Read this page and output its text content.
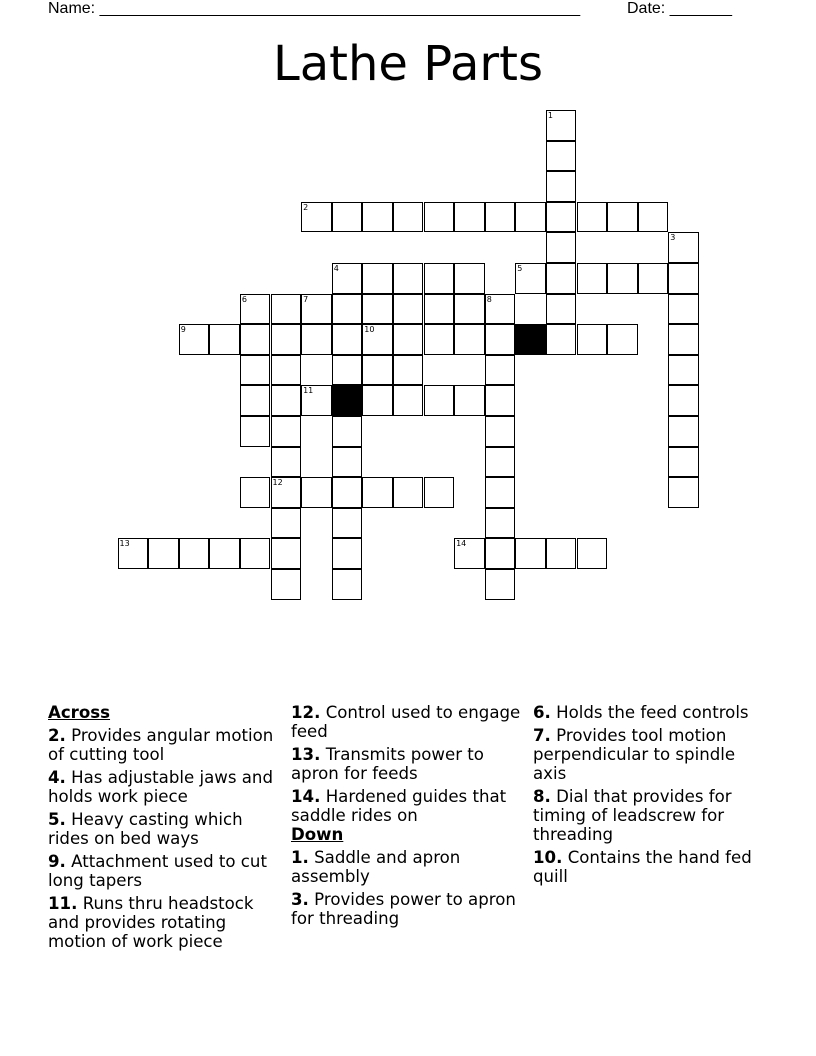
Name: ______________________________________________________	Date: _______
Lathe Parts
1
2
3
4	5
6	7	8
9	10
11
12
13	14
Across
2. Provides angular motion of cutting tool
4. Has adjustable jaws and holds work piece
5. Heavy casting which rides on bed ways
9. Attachment used to cut long tapers
11. Runs thru headstock and provides rotating motion of work piece
12. Control used to engage feed
13. Transmits power to apron for feeds
14. Hardened guides that saddle rides on
Down
1. Saddle and apron assembly
3. Provides power to apron for threading
6. Holds the feed controls
7. Provides tool motion perpendicular to spindle axis
8. Dial that provides for timing of leadscrew for threading
10. Contains the hand fed quill
